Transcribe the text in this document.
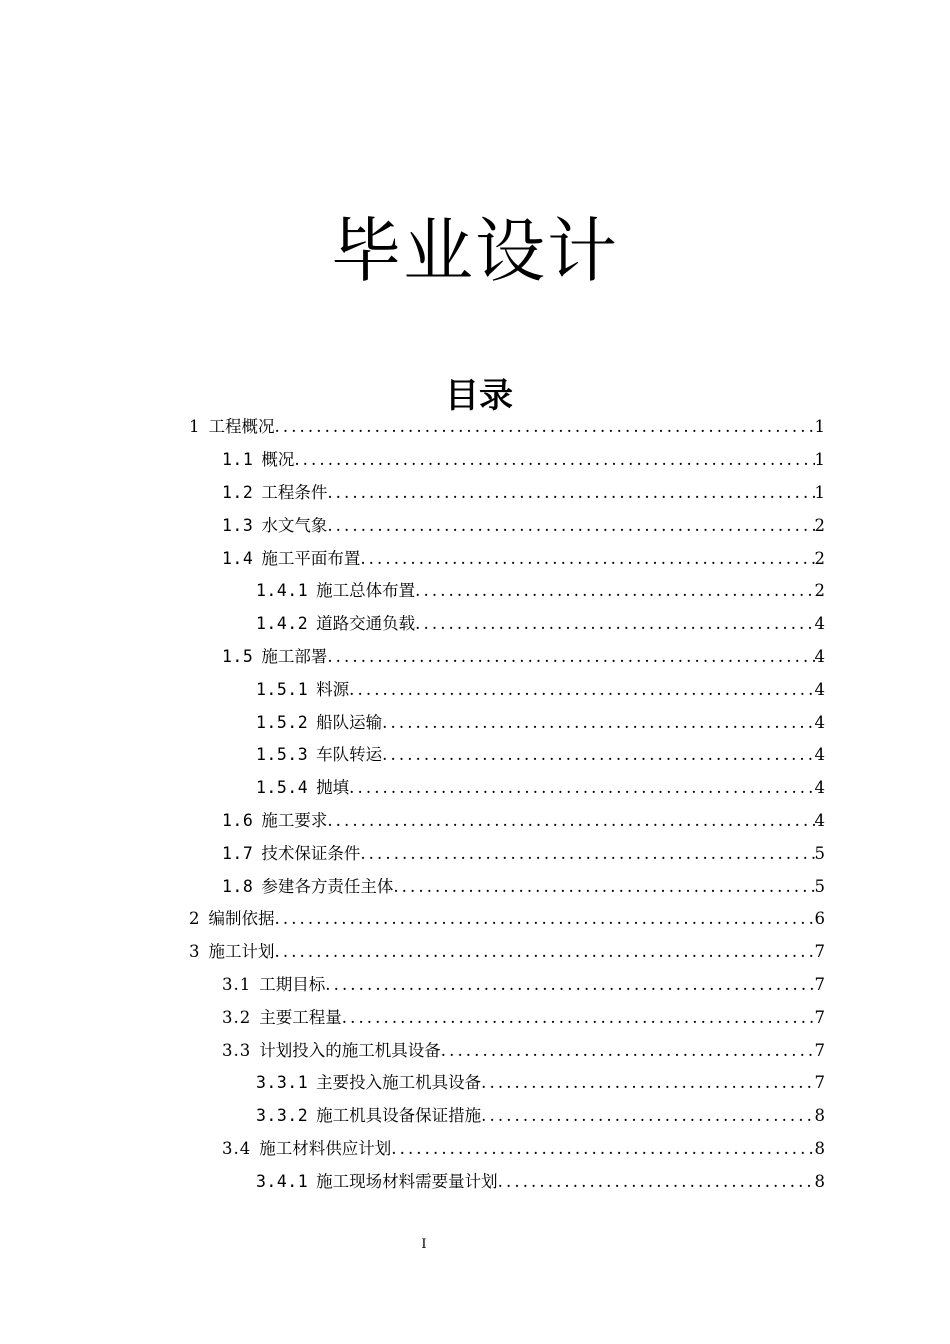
毕业设计
目录
1 工程概况 .....	1
1.1 概况 .....	1
1.2 工程条件 .....	1
1.3 水文气象 .....	2
1.4 施工平面布置 .....	2
1.4.1 施工总体布置 .....	2
1.4.2 道路交通负载 .....	4
1.5 施工部署 .....	4
1.5.1 料源 .....	4
1.5.2 船队运输 .....	4
1.5.3 车队转运 .....	4
1.5.4 抛填 .....	4
1.6 施工要求 .....	4
1.7 技术保证条件 .....	5
1.8 参建各方责任主体 .....	5
2 编制依据 .....	6
3 施工计划 .....	7
3.1 工期目标 .....	7
3.2 主要工程量 .....	7
3.3 计划投入的施工机具设备 .....	7
3.3.1 主要投入施工机具设备 .....	7
3.3.2 施工机具设备保证措施 .....	8
3.4 施工材料供应计划 .....	8
3.4.1 施工现场材料需要量计划 .....	8
I
